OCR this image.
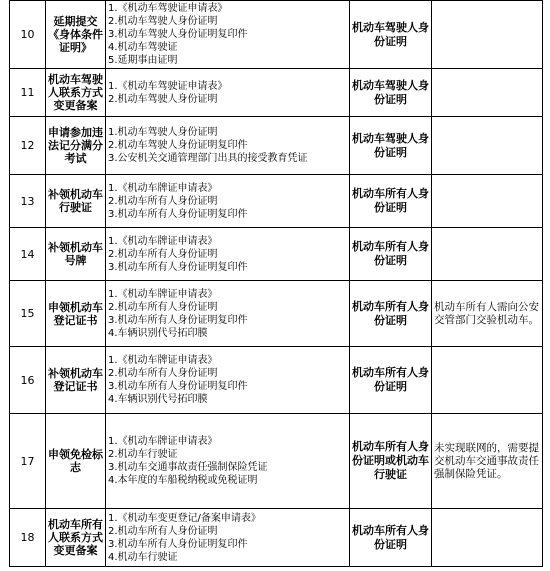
10	延期提交《身体条件证明》	1.《机动车驾驶证申请表》
2.机动车驾驶人身份证明
3.机动车驾驶人身份证明复印件
4.机动车驾驶证
5.延期事由证明	机动车驾驶人身份证明	
11	机动车驾驶人联系方式变更备案	1.《机动车驾驶证申请表》
2.机动车驾驶人身份证明	机动车驾驶人身份证明	
12	申请参加违法记分满分考试	1.机动车驾驶人身份证明
2.机动车驾驶人身份证明复印件
3.公安机关交通管理部门出具的接受教育凭证	机动车驾驶人身份证明	
13	补领机动车行驶证	1.《机动车牌证申请表》
2.机动车所有人身份证明
3.机动车所有人身份证明复印件	机动车所有人身份证明	
14	补领机动车号牌	1.《机动车牌证申请表》
2.机动车所有人身份证明
3.机动车所有人身份证明复印件	机动车所有人身份证明	
15	申领机动车登记证书	1.《机动车牌证申请表》
2.机动车所有人身份证明
3.机动车所有人身份证明复印件
4.车辆识别代号拓印膜	机动车所有人身份证明	机动车所有人需向公安交管部门交验机动车。
16	补领机动车登记证书	1.《机动车牌证申请表》
2.机动车所有人身份证明
3.机动车所有人身份证明复印件
4.车辆识别代号拓印膜	机动车所有人身份证明	
17	申领免检标志	1.《机动车牌证申请表》
2.机动车行驶证
3.机动车交通事故责任强制保险凭证
4.本年度的车船税纳税或免税证明	机动车所有人身份证明或机动车行驶证	未实现联网的，需要提交机动车交通事故责任强制保险凭证。
18	机动车所有人联系方式变更备案	1.《机动车变更登记/备案申请表》
2.机动车所有人身份证明
3.机动车所有人身份证明复印件
4.机动车行驶证	机动车所有人身份证明	
